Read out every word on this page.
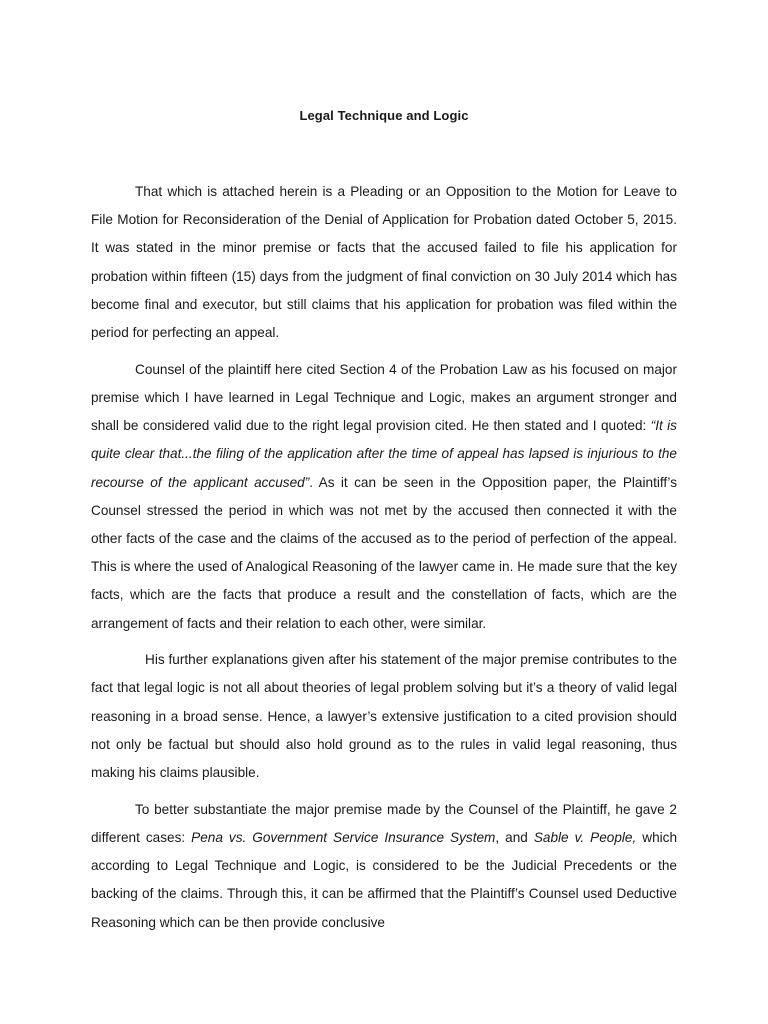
Legal Technique and Logic

That which is attached herein is a Pleading or an Opposition to the Motion for Leave to File Motion for Reconsideration of the Denial of Application for Probation dated October 5, 2015. It was stated in the minor premise or facts that the accused failed to file his application for probation within fifteen (15) days from the judgment of final conviction on 30 July 2014 which has become final and executor, but still claims that his application for probation was filed within the period for perfecting an appeal.

Counsel of the plaintiff here cited Section 4 of the Probation Law as his focused on major premise which I have learned in Legal Technique and Logic, makes an argument stronger and shall be considered valid due to the right legal provision cited. He then stated and I quoted: “It is quite clear that...the filing of the application after the time of appeal has lapsed is injurious to the recourse of the applicant accused”. As it can be seen in the Opposition paper, the Plaintiff’s Counsel stressed the period in which was not met by the accused then connected it with the other facts of the case and the claims of the accused as to the period of perfection of the appeal. This is where the used of Analogical Reasoning of the lawyer came in. He made sure that the key facts, which are the facts that produce a result and the constellation of facts, which are the arrangement of facts and their relation to each other, were similar.

His further explanations given after his statement of the major premise contributes to the fact that legal logic is not all about theories of legal problem solving but it’s a theory of valid legal reasoning in a broad sense. Hence, a lawyer’s extensive justification to a cited provision should not only be factual but should also hold ground as to the rules in valid legal reasoning, thus making his claims plausible.

To better substantiate the major premise made by the Counsel of the Plaintiff, he gave 2 different cases: Pena vs. Government Service Insurance System, and Sable v. People, which according to Legal Technique and Logic, is considered to be the Judicial Precedents or the backing of the claims. Through this, it can be affirmed that the Plaintiff’s Counsel used Deductive Reasoning which can be then provide conclusive
